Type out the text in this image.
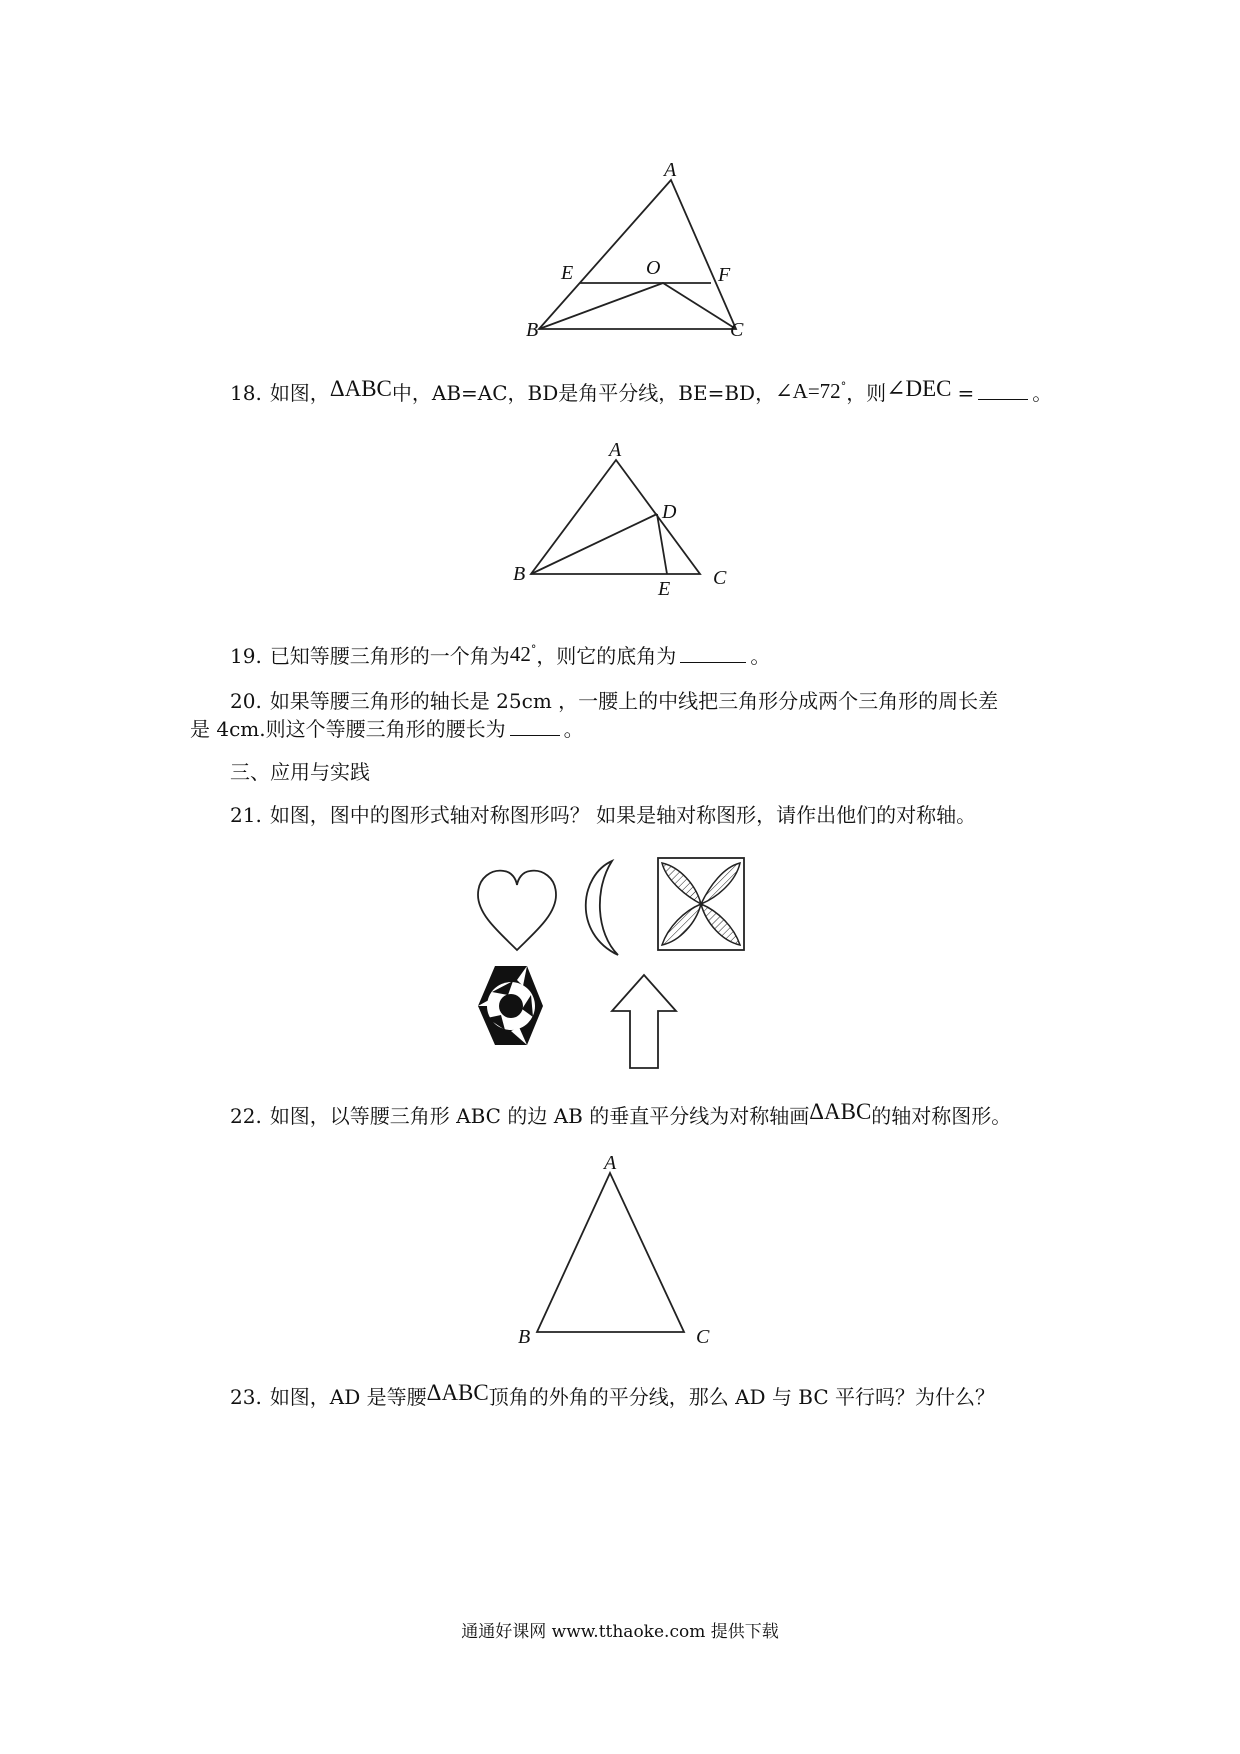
A
E	O	F
B	C
18. 如图，ΔABC中，AB=AC，BD是角平分线，BE=BD，∠A=72°，则∠DEC =	。
A
D
B
E C
19. 已知等腰三角形的一个角为42°，则它的底角为	。
20. 如果等腰三角形的轴长是 25cm ，一腰上的中线把三角形分成两个三角形的周长差
是 4cm.则这个等腰三角形的腰长为	。
三、应用与实践
21. 如图，图中的图形式轴对称图形吗？ 如果是轴对称图形，请作出他们的对称轴。
22. 如图，以等腰三角形 ABC 的边 AB 的垂直平分线为对称轴画ΔABC的轴对称图形。
A
B	C
23. 如图，AD 是等腰ΔABC顶角的外角的平分线，那么 AD 与 BC 平行吗？为什么？
通通好课网 www.tthaoke.com 提供下载
